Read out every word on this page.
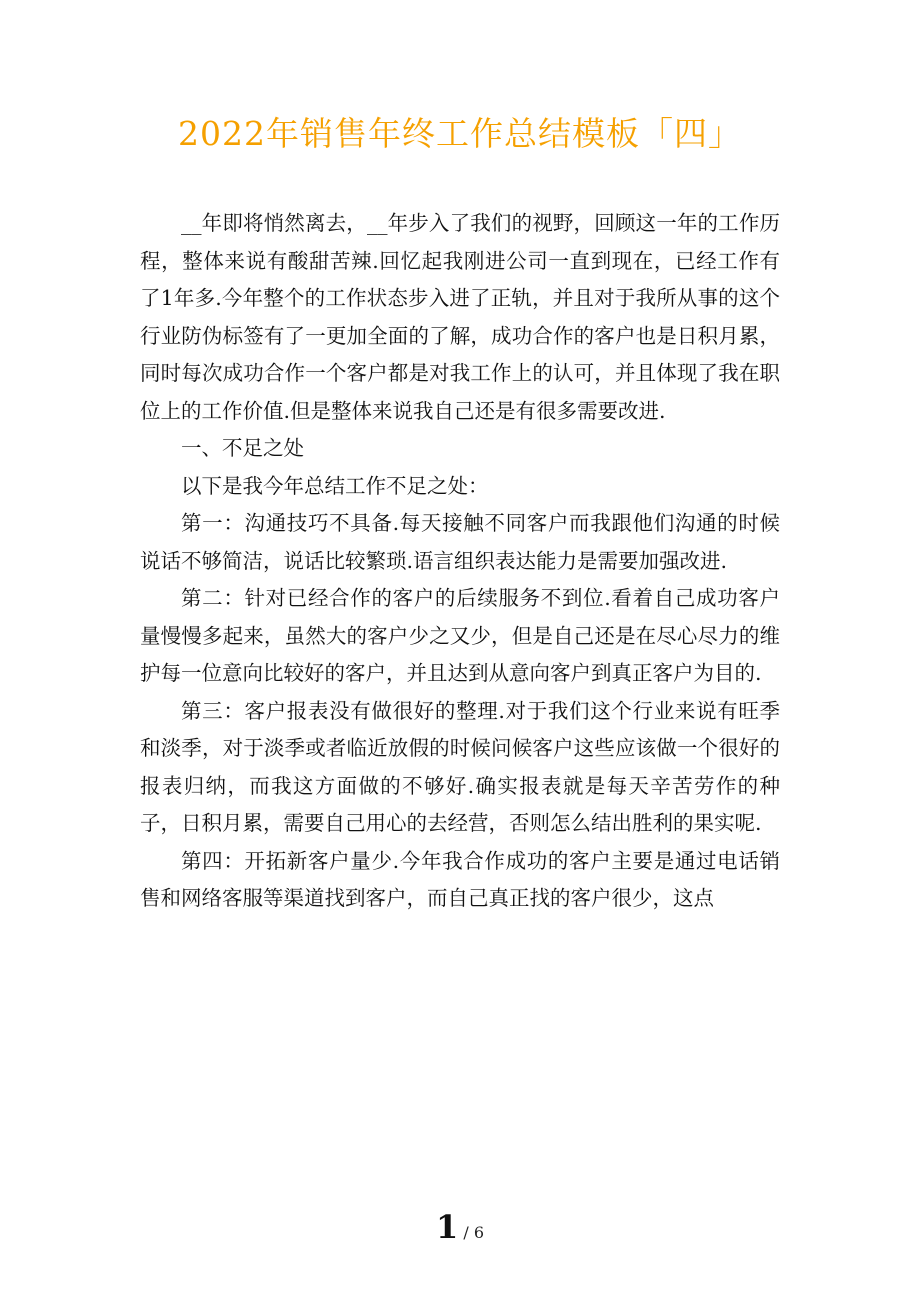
2022年销售年终工作总结模板「四」

__年即将悄然离去，__年步入了我们的视野，回顾这一年的工作历程，整体来说有酸甜苦辣.回忆起我刚进公司一直到现在，已经工作有了1年多.今年整个的工作状态步入进了正轨，并且对于我所从事的这个行业防伪标签有了一更加全面的了解，成功合作的客户也是日积月累，同时每次成功合作一个客户都是对我工作上的认可，并且体现了我在职位上的工作价值.但是整体来说我自己还是有很多需要改进.

一、不足之处

以下是我今年总结工作不足之处：

第一：沟通技巧不具备.每天接触不同客户而我跟他们沟通的时候说话不够简洁，说话比较繁琐.语言组织表达能力是需要加强改进.

第二：针对已经合作的客户的后续服务不到位.看着自己成功客户量慢慢多起来，虽然大的客户少之又少，但是自己还是在尽心尽力的维护每一位意向比较好的客户，并且达到从意向客户到真正客户为目的.

第三：客户报表没有做很好的整理.对于我们这个行业来说有旺季和淡季，对于淡季或者临近放假的时候问候客户这些应该做一个很好的报表归纳，而我这方面做的不够好.确实报表就是每天辛苦劳作的种子，日积月累，需要自己用心的去经营，否则怎么结出胜利的果实呢.

第四：开拓新客户量少.今年我合作成功的客户主要是通过电话销售和网络客服等渠道找到客户，而自己真正找的客户很少，这点

1 / 6
